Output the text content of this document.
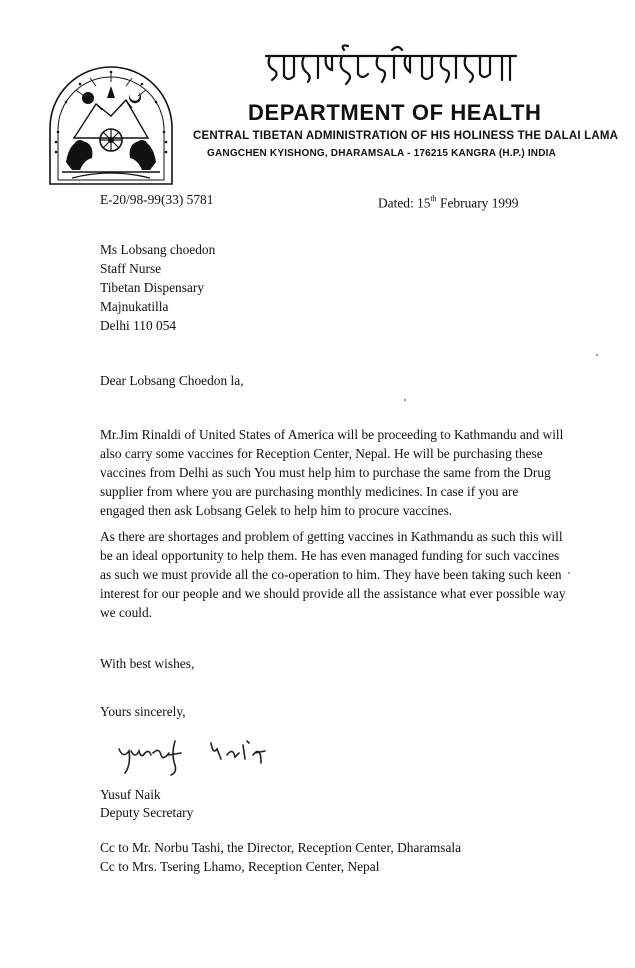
DEPARTMENT OF HEALTH
CENTRAL TIBETAN ADMINISTRATION OF HIS HOLINESS THE DALAI LAMA
GANGCHEN KYISHONG, DHARAMSALA - 176215 KANGRA (H.P.) INDIA
E-20/98-99(33) 5781	Dated: 15th February 1999
Ms Lobsang choedon
Staff Nurse
Tibetan Dispensary
Majnukatilla
Delhi 110 054
Dear Lobsang Choedon la,
Mr.Jim Rinaldi of United States of America will be proceeding to Kathmandu and will
also carry some vaccines for Reception Center, Nepal. He will be purchasing these
vaccines from Delhi as such You must help him to purchase the same from the Drug
supplier from where you are purchasing monthly medicines. In case if you are
engaged then ask Lobsang Gelek to help him to procure vaccines.
As there are shortages and problem of getting vaccines in Kathmandu as such this will
be an ideal opportunity to help them. He has even managed funding for such vaccines
as such we must provide all the co-operation to him. They have been taking such keen
interest for our people and we should provide all the assistance what ever possible way
we could.
With best wishes,
Yours sincerely,
Yusuf Naik
Deputy Secretary
Cc to Mr. Norbu Tashi, the Director, Reception Center, Dharamsala
Cc to Mrs. Tsering Lhamo, Reception Center, Nepal
